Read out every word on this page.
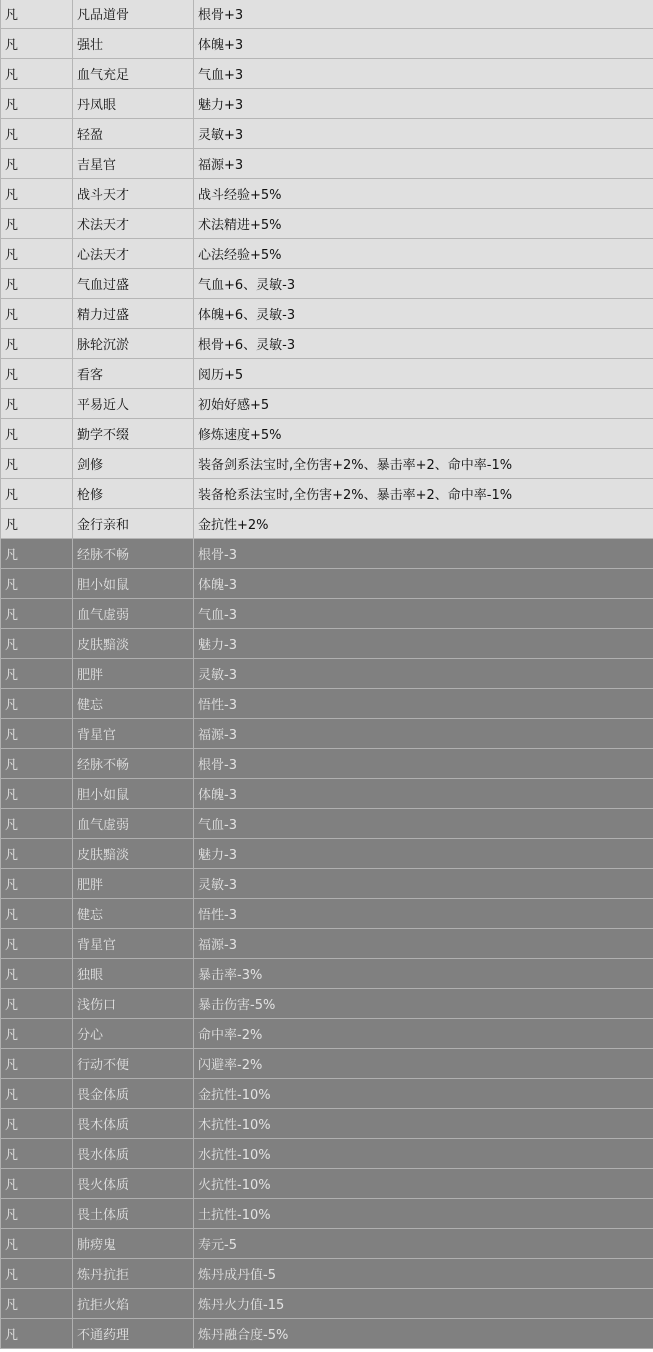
凡	凡品道骨	根骨+3
凡	强壮	体魄+3
凡	血气充足	气血+3
凡	丹凤眼	魅力+3
凡	轻盈	灵敏+3
凡	吉星官	福源+3
凡	战斗天才	战斗经验+5%
凡	术法天才	术法精进+5%
凡	心法天才	心法经验+5%
凡	气血过盛	气血+6、灵敏-3
凡	精力过盛	体魄+6、灵敏-3
凡	脉轮沉淤	根骨+6、灵敏-3
凡	看客	阅历+5
凡	平易近人	初始好感+5
凡	勤学不缀	修炼速度+5%
凡	剑修	装备剑系法宝时,全伤害+2%、暴击率+2、命中率-1%
凡	枪修	装备枪系法宝时,全伤害+2%、暴击率+2、命中率-1%
凡	金行亲和	金抗性+2%
凡	经脉不畅	根骨-3
凡	胆小如鼠	体魄-3
凡	血气虚弱	气血-3
凡	皮肤黯淡	魅力-3
凡	肥胖	灵敏-3
凡	健忘	悟性-3
凡	背星官	福源-3
凡	经脉不畅	根骨-3
凡	胆小如鼠	体魄-3
凡	血气虚弱	气血-3
凡	皮肤黯淡	魅力-3
凡	肥胖	灵敏-3
凡	健忘	悟性-3
凡	背星官	福源-3
凡	独眼	暴击率-3%
凡	浅伤口	暴击伤害-5%
凡	分心	命中率-2%
凡	行动不便	闪避率-2%
凡	畏金体质	金抗性-10%
凡	畏木体质	木抗性-10%
凡	畏水体质	水抗性-10%
凡	畏火体质	火抗性-10%
凡	畏土体质	土抗性-10%
凡	肺痨鬼	寿元-5
凡	炼丹抗拒	炼丹成丹值-5
凡	抗拒火焰	炼丹火力值-15
凡	不通药理	炼丹融合度-5%
